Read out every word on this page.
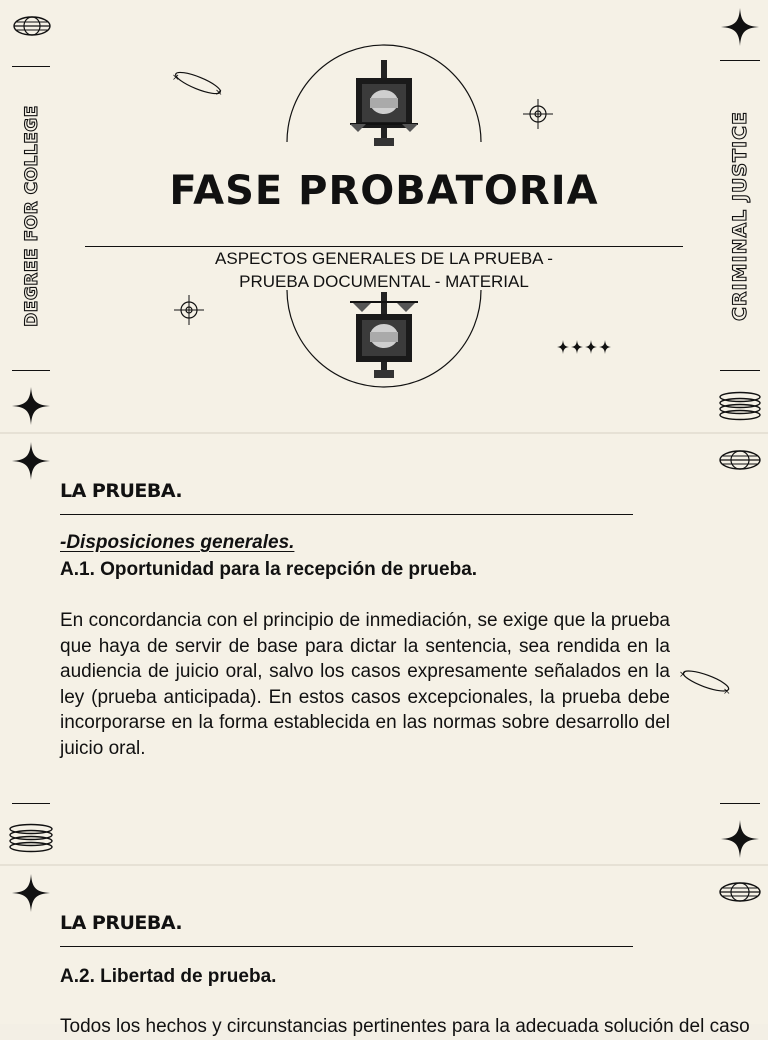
DEGREE FOR COLLEGE	CRIMINAL JUSTICE
×
×
FASE PROBATORIA
ASPECTOS GENERALES DE LA PRUEBA -
PRUEBA DOCUMENTAL - MATERIAL
LA PRUEBA.
-Disposiciones generales.
A.1. Oportunidad para la recepción de prueba.
En concordancia con el principio de inmediación, se exige que la prueba que haya de servir de base para dictar la sentencia, sea rendida en la audiencia de juicio oral, salvo los casos expresamente señalados en la ley (prueba anticipada). En estos casos excepcionales, la prueba debe incorporarse en la forma establecida en las normas sobre desarrollo del juicio oral.
×
×
LA PRUEBA.
A.2. Libertad de prueba.
Todos los hechos y circunstancias pertinentes para la adecuada solución del caso
